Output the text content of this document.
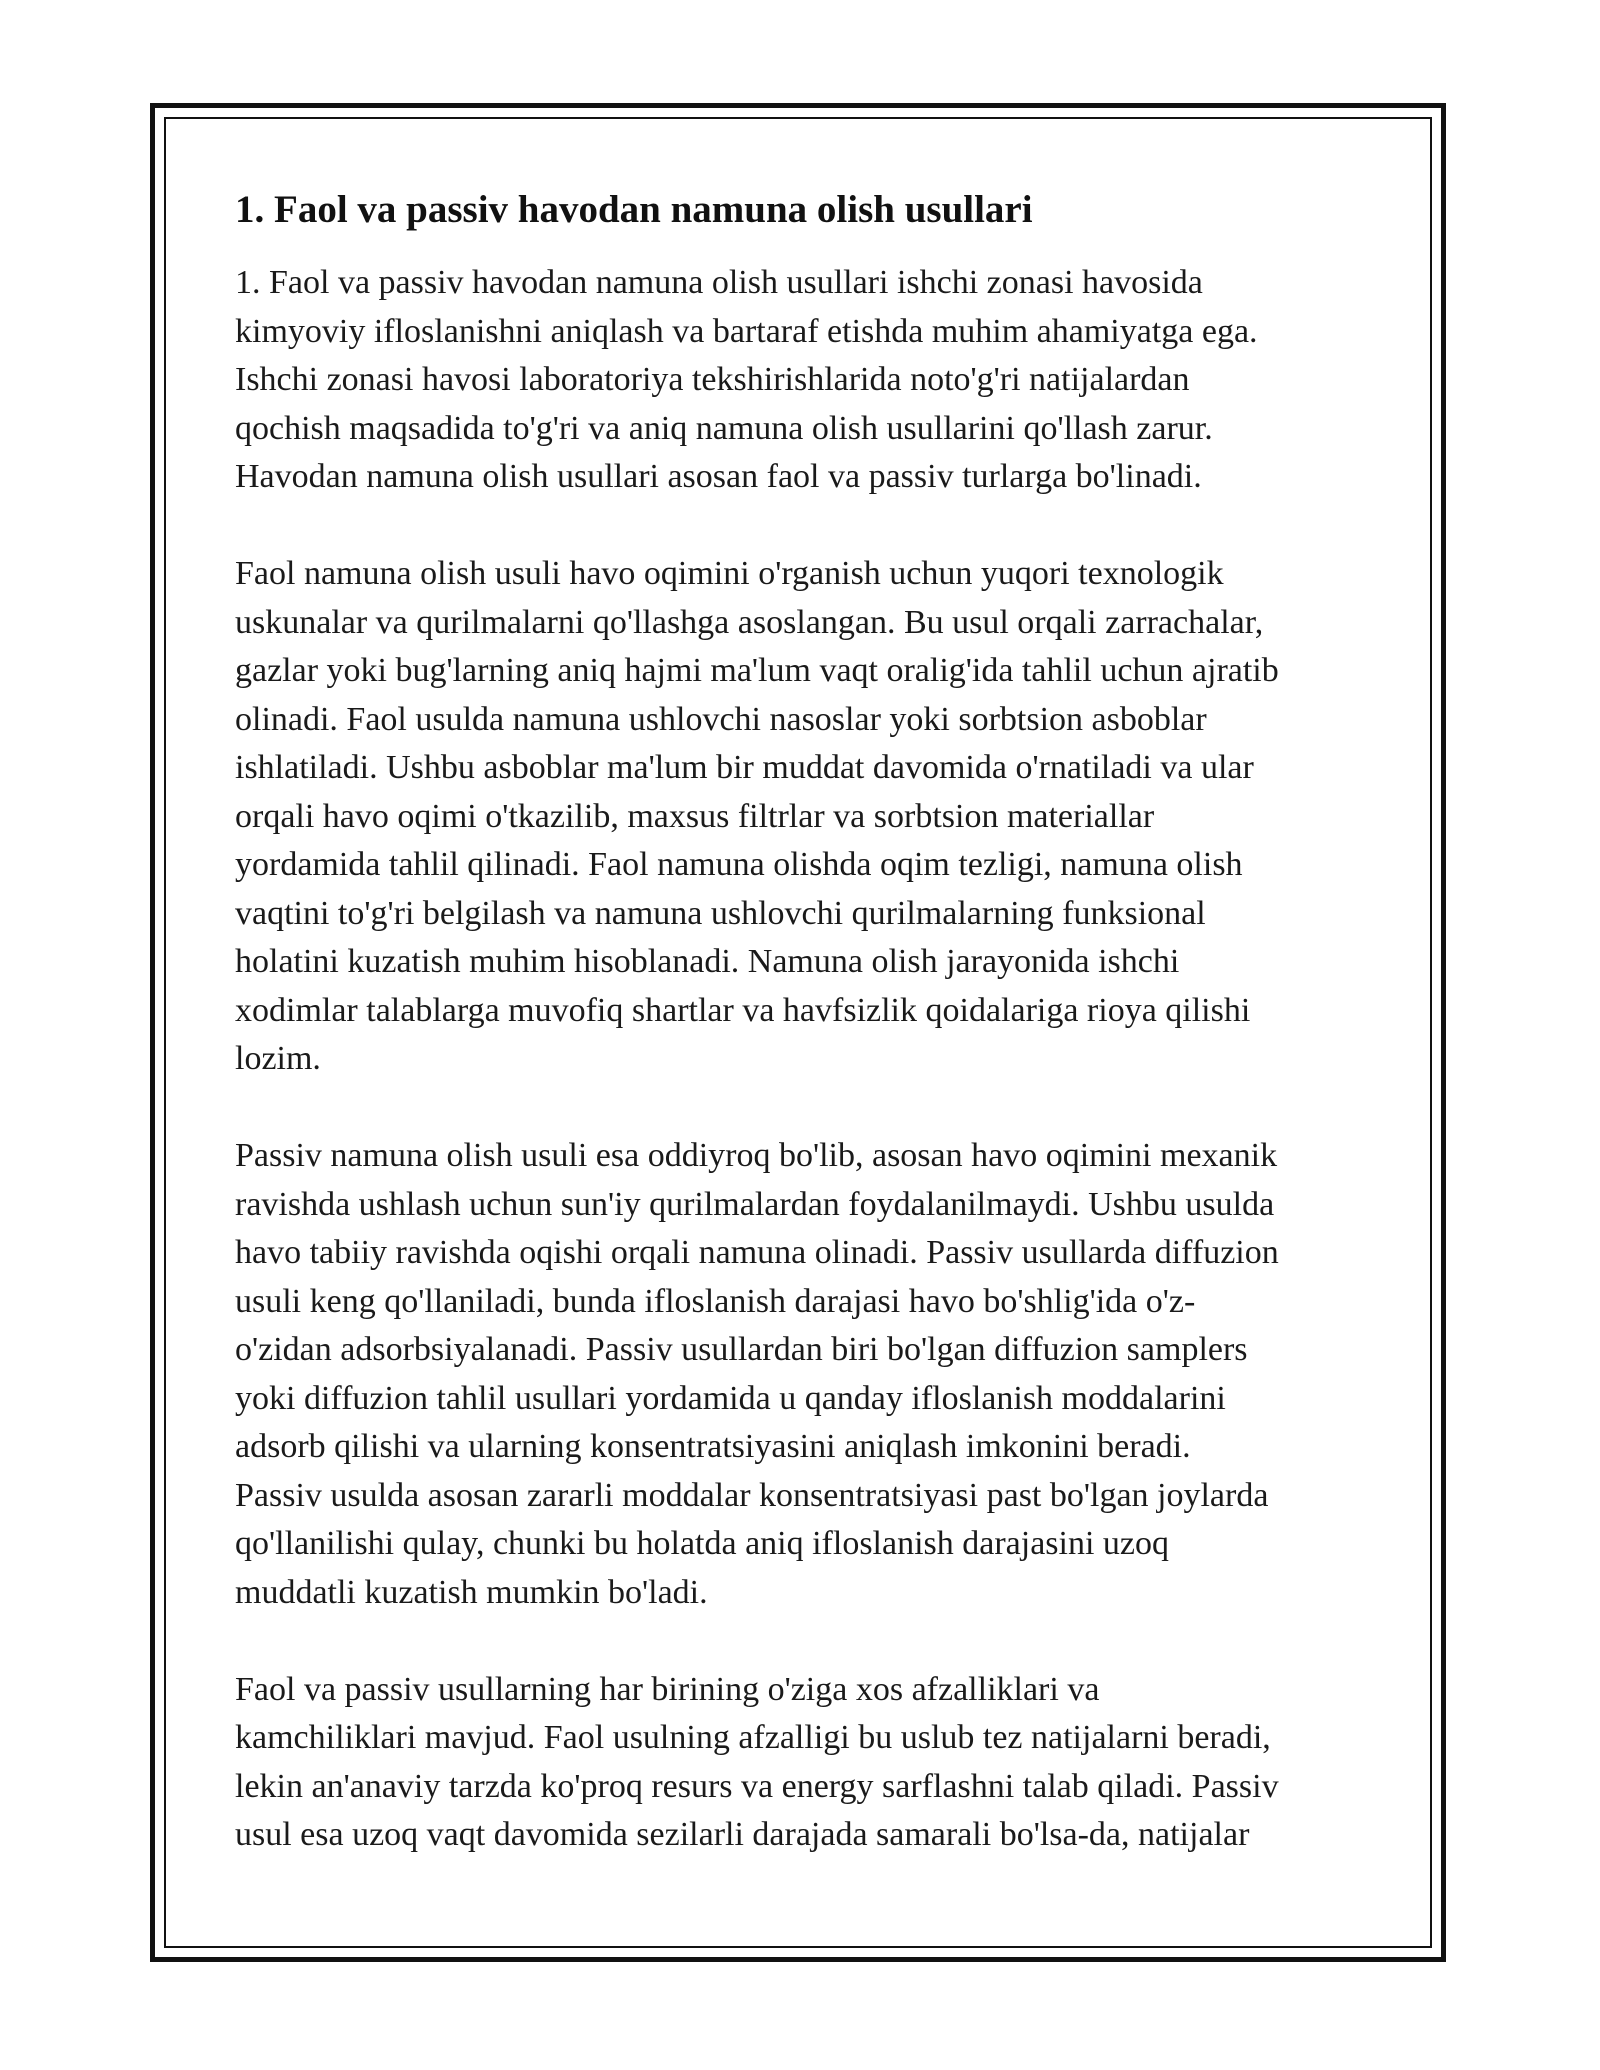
1. Faol va passiv havodan namuna olish usullari

1. Faol va passiv havodan namuna olish usullari ishchi zonasi havosida
kimyoviy ifloslanishni aniqlash va bartaraf etishda muhim ahamiyatga ega.
Ishchi zonasi havosi laboratoriya tekshirishlarida noto'g'ri natijalardan
qochish maqsadida to'g'ri va aniq namuna olish usullarini qo'llash zarur.
Havodan namuna olish usullari asosan faol va passiv turlarga bo'linadi.

Faol namuna olish usuli havo oqimini o'rganish uchun yuqori texnologik
uskunalar va qurilmalarni qo'llashga asoslangan. Bu usul orqali zarrachalar,
gazlar yoki bug'larning aniq hajmi ma'lum vaqt oralig'ida tahlil uchun ajratib
olinadi. Faol usulda namuna ushlovchi nasoslar yoki sorbtsion asboblar
ishlatiladi. Ushbu asboblar ma'lum bir muddat davomida o'rnatiladi va ular
orqali havo oqimi o'tkazilib, maxsus filtrlar va sorbtsion materiallar
yordamida tahlil qilinadi. Faol namuna olishda oqim tezligi, namuna olish
vaqtini to'g'ri belgilash va namuna ushlovchi qurilmalarning funksional
holatini kuzatish muhim hisoblanadi. Namuna olish jarayonida ishchi
xodimlar talablarga muvofiq shartlar va havfsizlik qoidalariga rioya qilishi
lozim.

Passiv namuna olish usuli esa oddiyroq bo'lib, asosan havo oqimini mexanik
ravishda ushlash uchun sun'iy qurilmalardan foydalanilmaydi. Ushbu usulda
havo tabiiy ravishda oqishi orqali namuna olinadi. Passiv usullarda diffuzion
usuli keng qo'llaniladi, bunda ifloslanish darajasi havo bo'shlig'ida o'z-
o'zidan adsorbsiyalanadi. Passiv usullardan biri bo'lgan diffuzion samplers
yoki diffuzion tahlil usullari yordamida u qanday ifloslanish moddalarini
adsorb qilishi va ularning konsentratsiyasini aniqlash imkonini beradi.
Passiv usulda asosan zararli moddalar konsentratsiyasi past bo'lgan joylarda
qo'llanilishi qulay, chunki bu holatda aniq ifloslanish darajasini uzoq
muddatli kuzatish mumkin bo'ladi.

Faol va passiv usullarning har birining o'ziga xos afzalliklari va
kamchiliklari mavjud. Faol usulning afzalligi bu uslub tez natijalarni beradi,
lekin an'anaviy tarzda ko'proq resurs va energy sarflashni talab qiladi. Passiv
usul esa uzoq vaqt davomida sezilarli darajada samarali bo'lsa-da, natijalar
